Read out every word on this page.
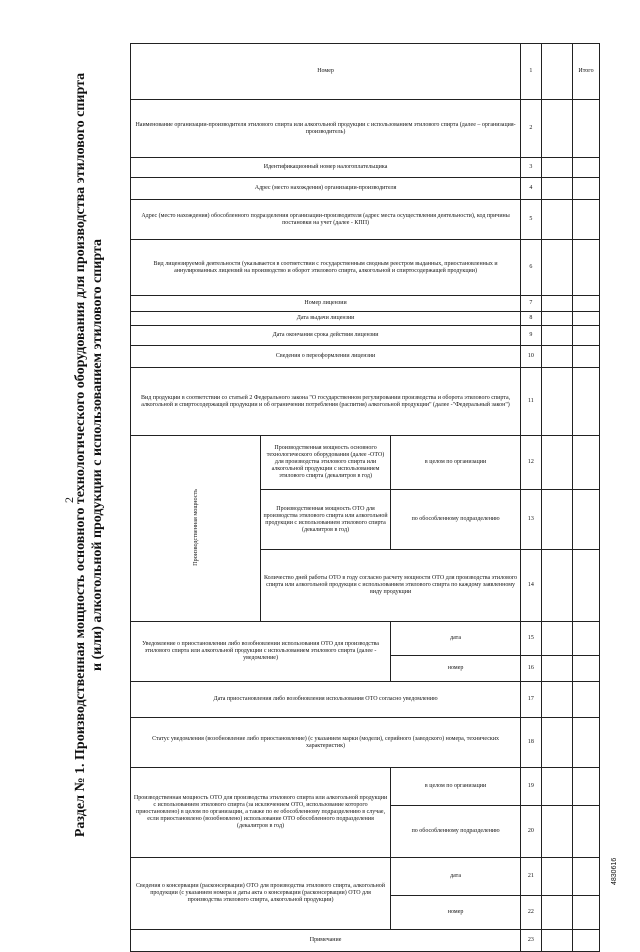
2
Раздел № 1. Производственная мощность основного технологического оборудования для производства этилового спирта и (или) алкогольной продукции с использованием этилового спирта
Номер			1		Итого
Наименование организации-производителя этилового спирта или алкогольной продукции с использованием этилового спирта (далее – организация-производитель)			2		
Идентификационный номер налогоплательщика			3		
Адрес (место нахождения) организации-производителя			4		
Адрес (место нахождения) обособленного подразделения организации-производителя (адрес места осуществления деятельности), код причины постановки на учет (далее - КПП)			5		
Вид лицензируемой деятельности (указывается в соответствии с государственным сводным реестром выданных, приостановленных и аннулированных лицензий на производство и оборот этилового спирта, алкогольной и спиртосодержащей продукции)			6		
Номер лицензии			7		
Дата выдачи лицензии			8		
Дата окончания срока действия лицензии			9		
Сведения о переоформлении лицензии			10		
Вид продукции в соответствии со статьей 2 Федерального закона "О государственном регулировании производства и оборота этилового спирта, алкогольной и спиртосодержащей продукции и об ограничении потребления (распития) алкогольной продукции" (далее -"Федеральный закон")			11		
Производственная мощность	Производственная мощность основного технологического оборудования (далее -ОТО) для производства этилового спирта или алкогольной продукции с использованием этилового спирта (декалитров в год)	в целом по организации	12		
	Производственная мощность ОТО для производства этилового спирта или алкогольной продукции с использованием этилового спирта (декалитров в год)	по обособленному подразделению	13		
	Количество дней работы ОТО в году согласно расчету мощности ОТО для производства этилового спирта или алкогольной продукции с использованием этилового спирта по каждому заявленному виду продукции		14		
Уведомление о приостановлении либо возобновлении использования ОТО для производства этилового спирта или алкогольной продукции с использованием этилового спирта (далее - уведомление)		дата	15		
		номер	16		
Дата приостановления либо возобновления использования ОТО согласно уведомлению			17		
Статус уведомления (возобновление либо приостановление) (с указанием марки (модели), серийного (заводского) номера, технических характеристик)			18		
Производственная мощность ОТО для производства этилового спирта или алкогольной продукции с использованием этилового спирта (за исключением ОТО, использование которого приостановлено) в целом по организации, а также по ее обособленному подразделению в случае, если приостановлено (возобновлено) использование ОТО обособленного подразделения (декалитров в год)		в целом по организации	19		
		по обособленному подразделению	20		
Сведения о консервации (расконсервации) ОТО для производства этилового спирта, алкогольной продукции (с указанием номера и даты акта о консервации (расконсервации) ОТО для производства этилового спирта, алкогольной продукции)		дата	21		
		номер	22		
Примечание			23		
4830616
